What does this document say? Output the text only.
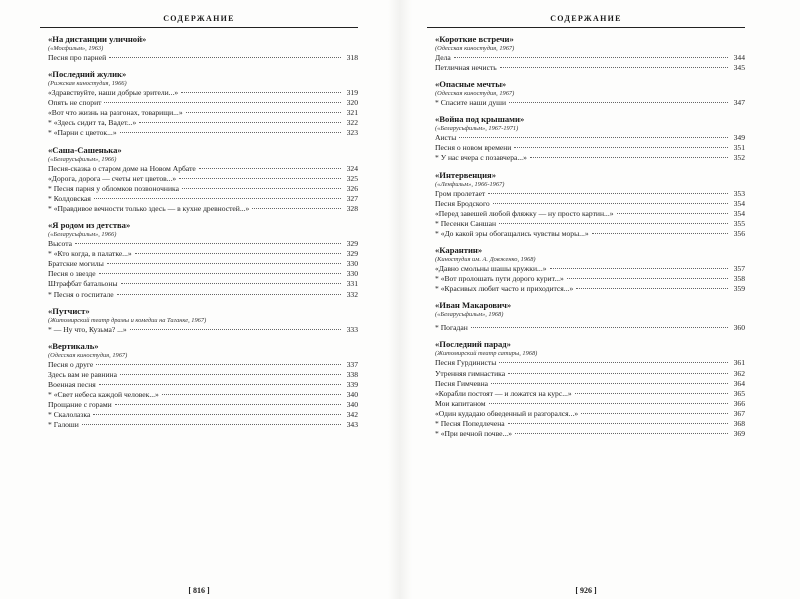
СОДЕРЖАНИЕ
«На дистанции уличной»
(«Мосфильм», 1963)
Песня про парней	318
«Последний жулик»
(Рижская киностудия, 1966)
«Здравствуйте, наши добрые зрители...»	319
Опять не спорит	320
«Вот что жизнь на разгонах, товарищи...»	321
* «Здесь сидит та, Вадет...»	322
* «Парни с цветок...»	323
«Саша-Сашенька»
(«Беларусьфильм», 1966)
Песня-сказка о старом доме на Новом Арбате	324
«Дорога, дорога — счеты нет цветов...»	325
* Песня парня у обломков позвоночника	326
* Колдовская	327
* «Правдивое вечности только здесь — в кухне древностей...»	328
«Я родом из детства»
(«Беларусьфильм», 1966)
Высота	329
* «Кто когда, в палатке...»	329
Братские могилы	330
Песня о звезде	330
Штрафбат батальоны	331
* Песня о госпитале	332
«Путчист»
(Житомирский театр драмы и комедии на Таганке, 1967)
* — Ну что, Кузьма? ...»	333
«Вертикаль»
(Одесская киностудия, 1967)
Песня о друге	337
Здесь вам не равнина	338
Военная песня	339
* «Свет небеса каждой человек...»	340
Прощание с горами	340
* Скалолазка	342
* Галоши	343
[ 816 ]
СОДЕРЖАНИЕ
«Короткие встречи»
(Одесская киностудия, 1967)
Дела	344
Петличная нечисть	345
«Опасные мечты»
(Одесская киностудия, 1967)
* Спасите наши души	347
«Война под крышами»
(«Беларусьфильм», 1967-1971)
Аисты	349
Песня о новом времени	351
* У нас вчера с позавчера...»	352
«Интервенция»
(«Ленфильм», 1966-1967)
Гром пролетает	353
Песня Бродского	354
«Перед завешей любой фляжку — ну просто картин...»	354
* Песенки Саншан	355
* «До какой эры обогащались чувствы моры...»	356
«Карантин»
(Киностудия им. А. Довженко, 1968)
«Давно смольны шашы кружки...»	357
* «Вот пролошать пути дорого курит...»	358
* «Красивых любит часто и приходится...»	359
«Иван Макарович»
(«Беларусьфильм», 1968)
* Погадан	360
«Последний парад»
(Житомирский театр сатиры, 1968)
Песня Гурдинисты	361
Утренняя гимнастика	362
Песня Гимчевна	364
«Корабли постоят — и ложатся на курс...»	365
Мои капитаном	366
«Один кудадаю обведенный и разгорался...»	367
* Песня Попедлечена	368
* «При вечной почве...»	369
[ 926 ]
